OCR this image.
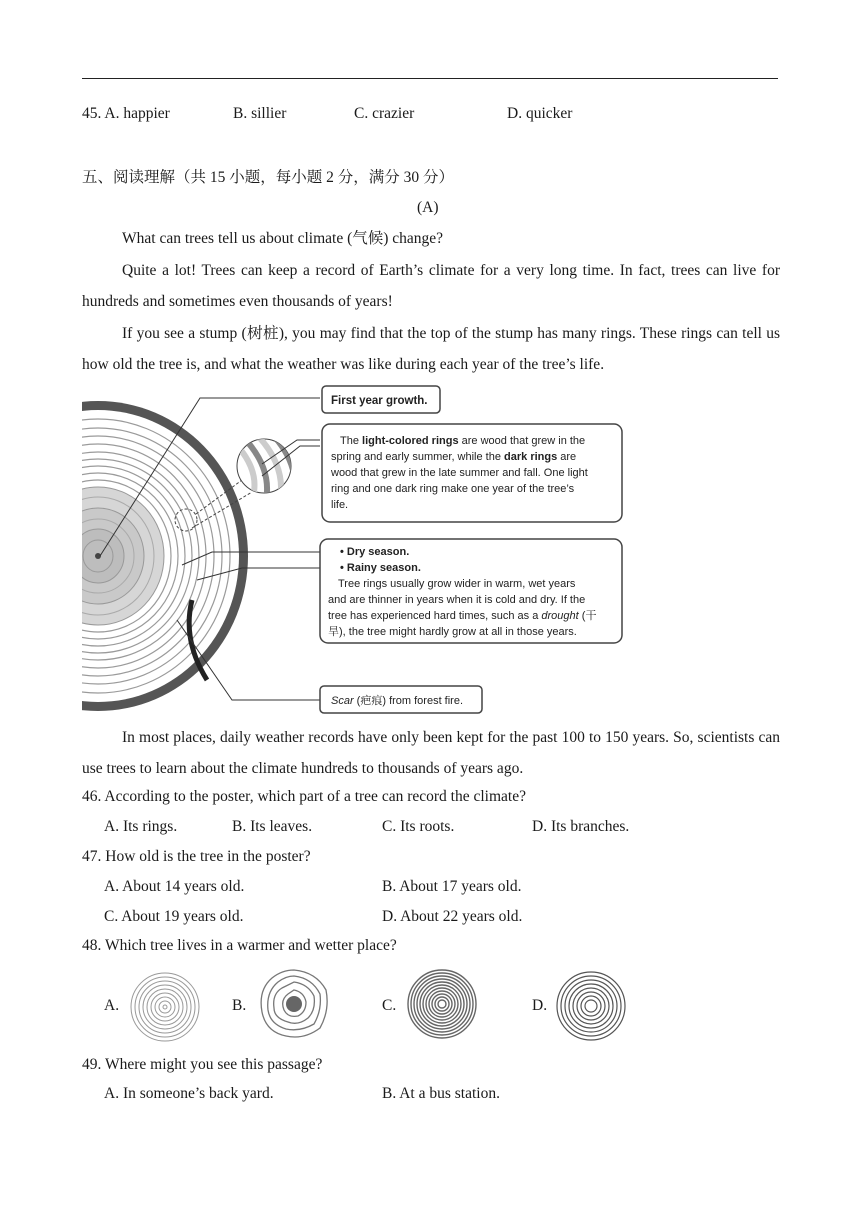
45. A. happier	B. sillier	C. crazier	D. quicker
五、阅读理解（共 15 小题，每小题 2 分，满分 30 分）
(A)
What can trees tell us about climate (气候) change?
Quite a lot! Trees can keep a record of Earth’s climate for a very long time. In fact, trees can live for hundreds and sometimes even thousands of years!
If you see a stump (树桩), you may find that the top of the stump has many rings. These rings can tell us how old the tree is, and what the weather was like during each year of the tree’s life.
First year growth.
The light-colored rings are wood that grew in the
spring and early summer, while the dark rings are
wood that grew in the late summer and fall. One light
ring and one dark ring make one year of the tree’s
life.
• Dry season.
• Rainy season.
Tree rings usually grow wider in warm, wet years
and are thinner in years when it is cold and dry. If the
tree has experienced hard times, such as a drought (干
旱), the tree might hardly grow at all in those years.
Scar (疤痕) from forest fire.
In most places, daily weather records have only been kept for the past 100 to 150 years. So, scientists can use trees to learn about the climate hundreds to thousands of years ago.
46. According to the poster, which part of a tree can record the climate?
A. Its rings.	B. Its leaves.	C. Its roots.	D. Its branches.
47. How old is the tree in the poster?
A. About 14 years old.	B. About 17 years old.
C. About 19 years old.	D. About 22 years old.
48. Which tree lives in a warmer and wetter place?
A.	B.	C.	D.
49. Where might you see this passage?
A. In someone’s back yard.	B. At a bus station.
